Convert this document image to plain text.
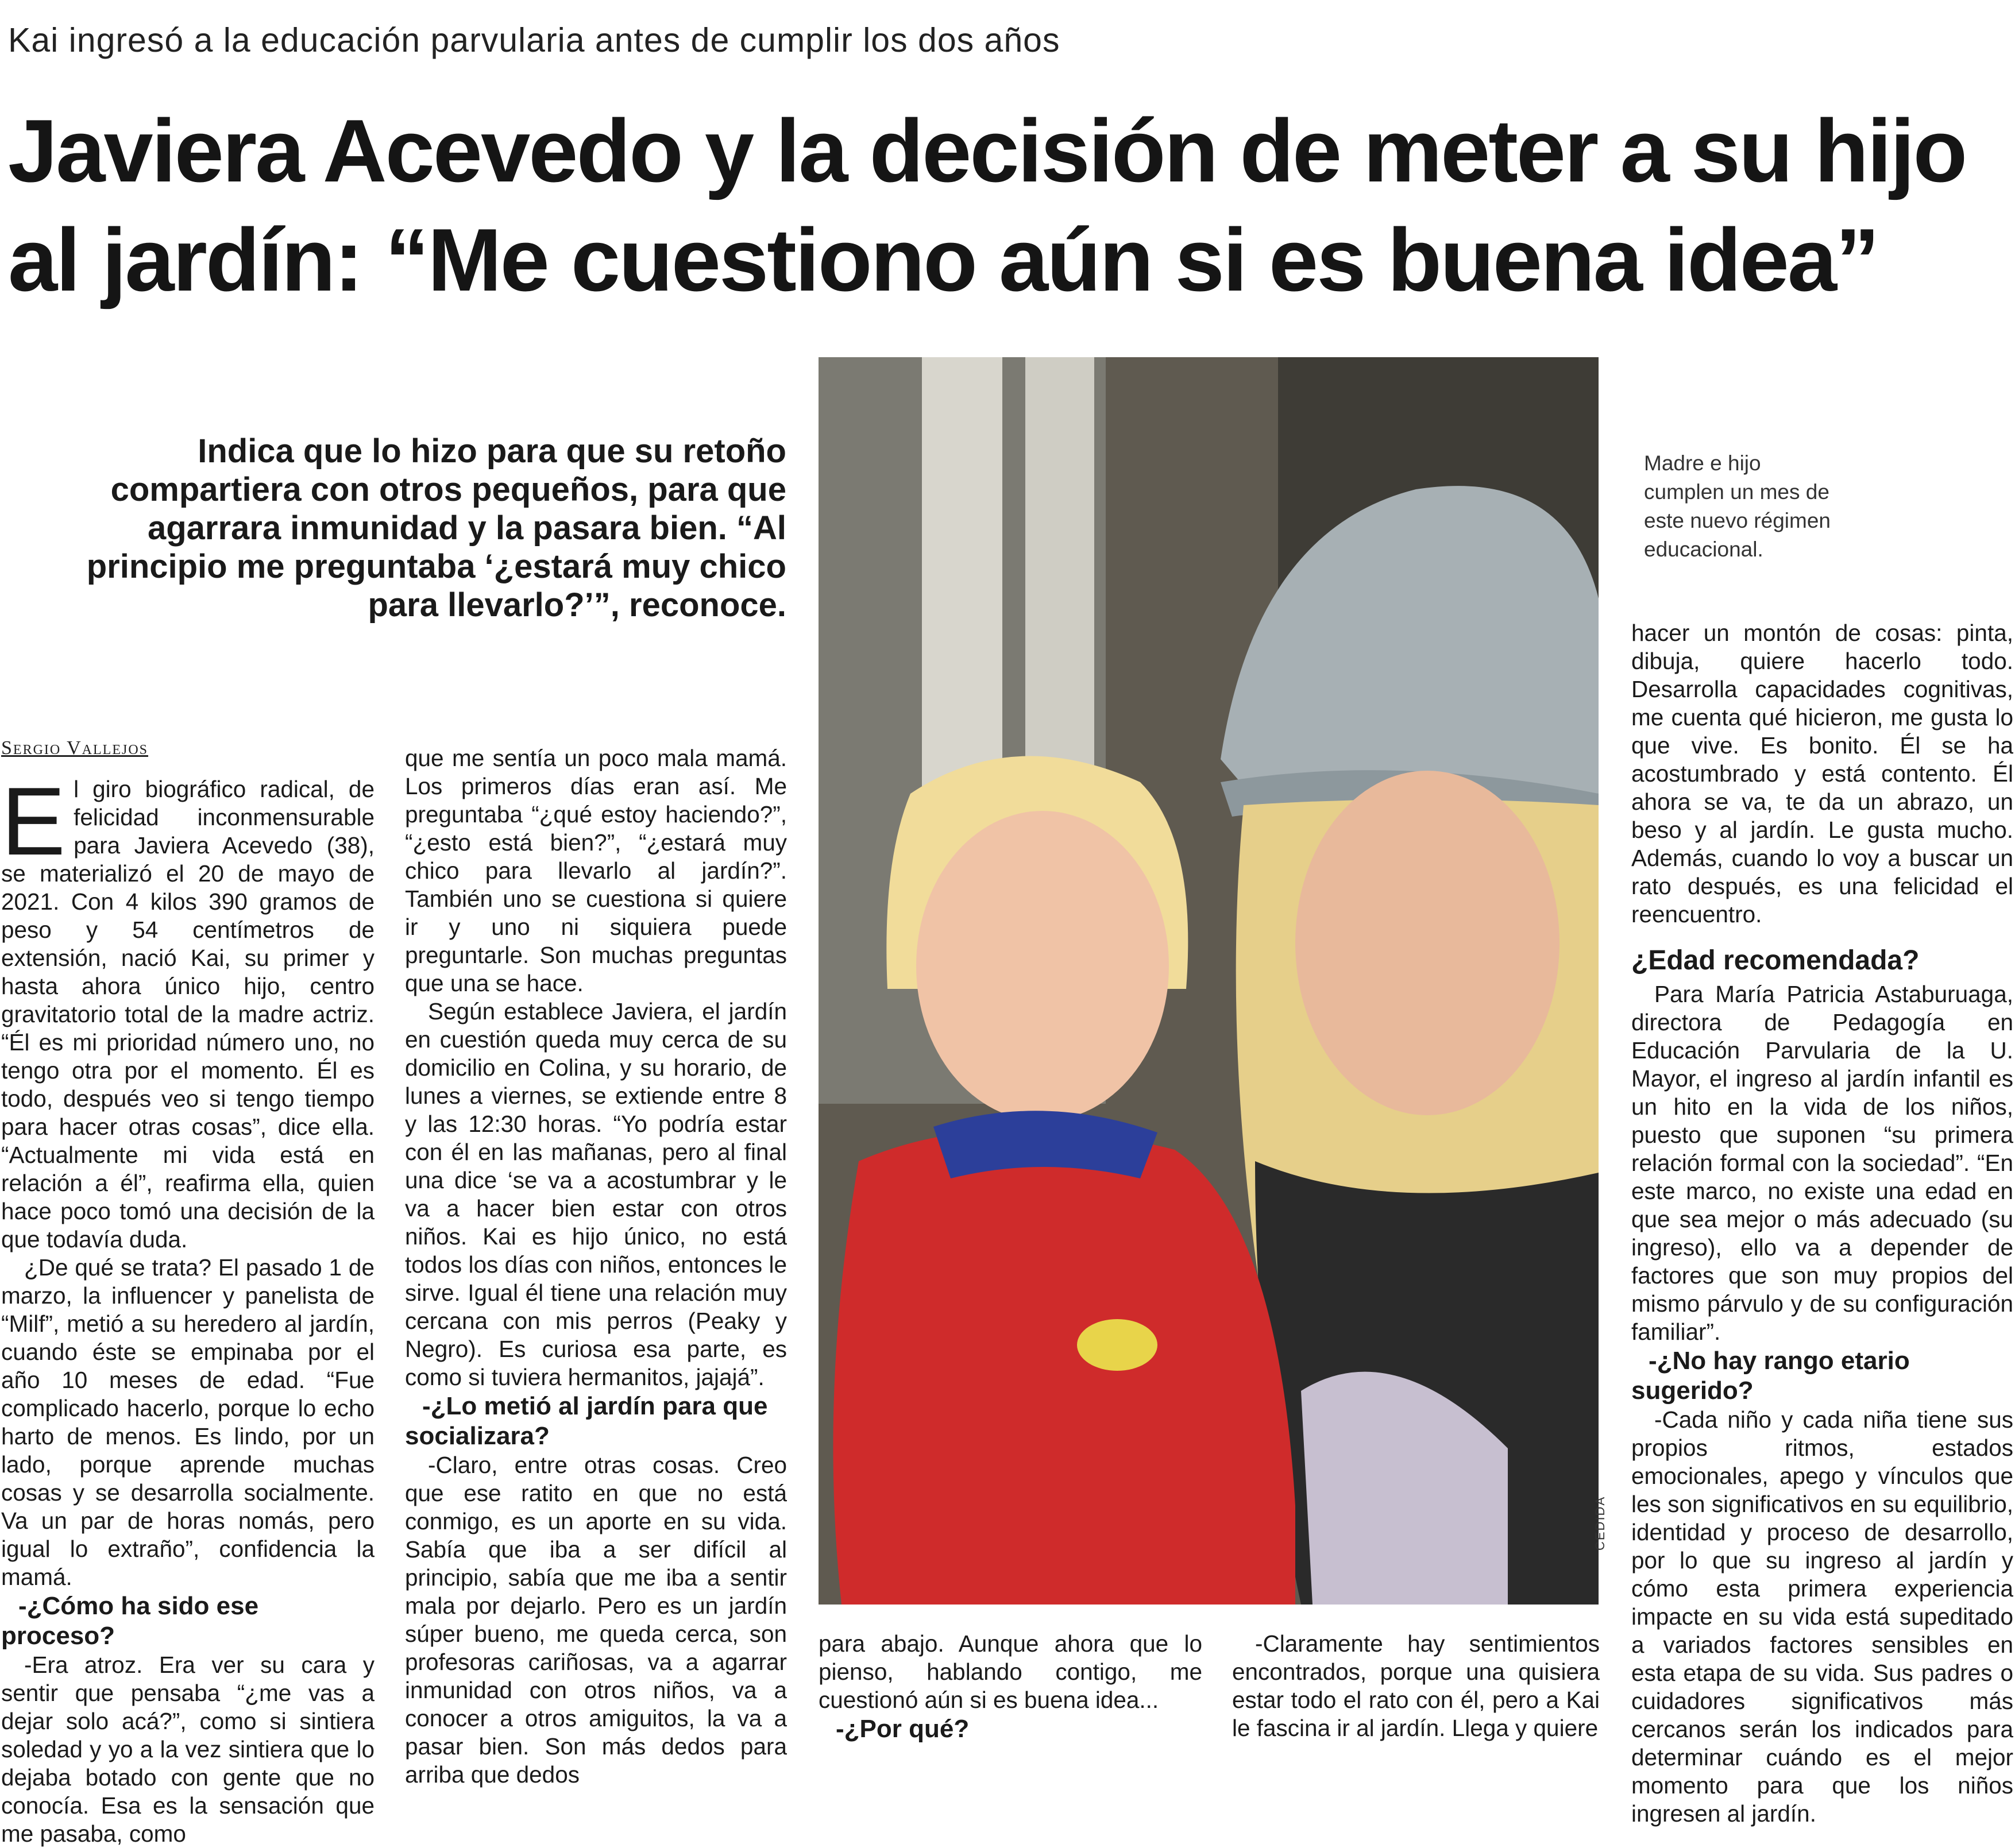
Kai ingresó a la educación parvularia antes de cumplir los dos años
Javiera Acevedo y la decisión de meter a su hijo
al jardín: “Me cuestiono aún si es buena idea”

Indica que lo hizo para que su retoño compartiera con otros pequeños, para que agarrara inmunidad y la pasara bien. “Al principio me preguntaba ‘¿estará muy chico para llevarlo?’”, reconoce.

Sergio Vallejos
CEDIDA

Madre e hijo cumplen un mes de este nuevo régimen educacional.

El giro biográfico radical, de felicidad inconmensurable para Javiera Acevedo (38), se materializó el 20 de mayo de 2021. Con 4 kilos 390 gramos de peso y 54 centímetros de extensión, nació Kai, su primer y hasta ahora único hijo, centro gravitatorio total de la madre actriz. “Él es mi prioridad número uno, no tengo otra por el momento. Él es todo, después veo si tengo tiempo para hacer otras cosas”, dice ella. “Actualmente mi vida está en relación a él”, reafirma ella, quien hace poco tomó una decisión de la que todavía duda.

¿De qué se trata? El pasado 1 de marzo, la influencer y panelista de “Milf”, metió a su heredero al jardín, cuando éste se empinaba por el año 10 meses de edad. “Fue complicado hacerlo, porque lo echo harto de menos. Es lindo, por un lado, porque aprende muchas cosas y se desarrolla socialmente. Va un par de horas nomás, pero igual lo extraño”, confidencia la mamá.

-¿Cómo ha sido ese proceso?

-Era atroz. Era ver su cara y sentir que pensaba “¿me vas a dejar solo acá?”, como si sintiera soledad y yo a la vez sintiera que lo dejaba botado con gente que no conocía. Esa es la sensación que me pasaba, como

que me sentía un poco mala mamá. Los primeros días eran así. Me preguntaba “¿qué estoy haciendo?”, “¿esto está bien?”, “¿estará muy chico para llevarlo al jardín?”. También uno se cuestiona si quiere ir y uno ni siquiera puede preguntarle. Son muchas preguntas que una se hace.

Según establece Javiera, el jardín en cuestión queda muy cerca de su domicilio en Colina, y su horario, de lunes a viernes, se extiende entre 8 y las 12:30 horas. “Yo podría estar con él en las mañanas, pero al final una dice ‘se va a acostumbrar y le va a hacer bien estar con otros niños. Kai es hijo único, no está todos los días con niños, entonces le sirve. Igual él tiene una relación muy cercana con mis perros (Peaky y Negro). Es curiosa esa parte, es como si tuviera hermanitos, jajajá”.

-¿Lo metió al jardín para que socializara?

-Claro, entre otras cosas. Creo que ese ratito en que no está conmigo, es un aporte en su vida. Sabía que iba a ser difícil al principio, sabía que me iba a sentir mala por dejarlo. Pero es un jardín súper bueno, me queda cerca, son profesoras cariñosas, va a agarrar inmunidad con otros niños, va a conocer a otros amiguitos, la va a pasar bien. Son más dedos para arriba que dedos

para abajo. Aunque ahora que lo pienso, hablando contigo, me cuestionó aún si es buena idea...

-¿Por qué?

-Claramente hay sentimientos encontrados, porque una quisiera estar todo el rato con él, pero a Kai le fascina ir al jardín. Llega y quiere

hacer un montón de cosas: pinta, dibuja, quiere hacerlo todo. Desarrolla capacidades cognitivas, me cuenta qué hicieron, me gusta lo que vive. Es bonito. Él se ha acostumbrado y está contento. Él ahora se va, te da un abrazo, un beso y al jardín. Le gusta mucho. Además, cuando lo voy a buscar un rato después, es una felicidad el reencuentro.

¿Edad recomendada?

Para María Patricia Astaburuaga, directora de Pedagogía en Educación Parvularia de la U. Mayor, el ingreso al jardín infantil es un hito en la vida de los niños, puesto que suponen “su primera relación formal con la sociedad”. “En este marco, no existe una edad en que sea mejor o más adecuado (su ingreso), ello va a depender de factores que son muy propios del mismo párvulo y de su configuración familiar”.

-¿No hay rango etario sugerido?

-Cada niño y cada niña tiene sus propios ritmos, estados emocionales, apego y vínculos que les son significativos en su equilibrio, identidad y proceso de desarrollo, por lo que su ingreso al jardín y cómo esta primera experiencia impacte en su vida está supeditado a variados factores sensibles en esta etapa de su vida. Sus padres o cuidadores significativos más cercanos serán los indicados para determinar cuándo es el mejor momento para que los niños ingresen al jardín.
